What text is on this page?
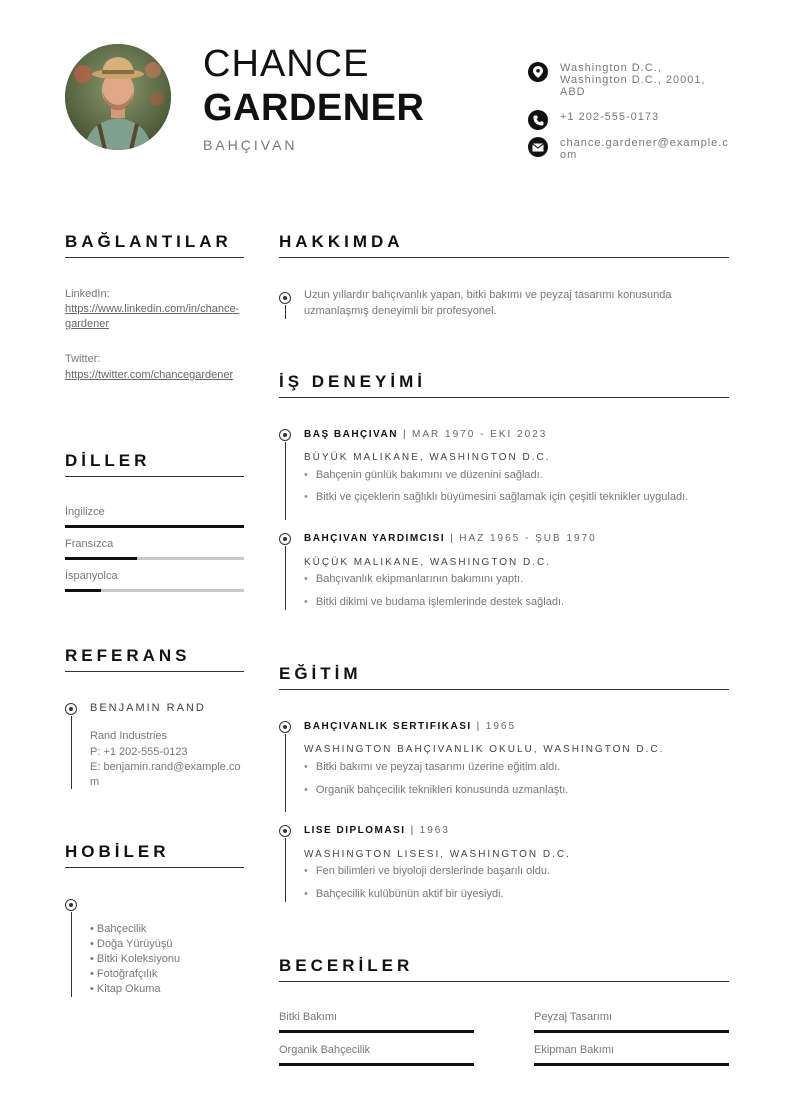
CHANCE
GARDENER
BAHÇIVAN
Washington D.C., Washington D.C., 20001, ABD
+1 202-555-0173
chance.gardener@example.com
BAĞLANTILAR
LinkedIn:
https://www.linkedin.com/in/chance-gardener
Twitter:
https://twitter.com/chancegardener
DİLLER
İngilizce
Fransızca
İspanyolca
REFERANS
BENJAMIN RAND
Rand Industries
P: +1 202-555-0123
E: benjamin.rand@example.com
HOBİLER
• Bahçecilik
• Doğa Yürüyüşü
• Bitki Koleksiyonu
• Fotoğrafçılık
• Kitap Okuma
HAKKIMDA
Uzun yıllardır bahçıvanlık yapan, bitki bakımı ve peyzaj tasarımı konusunda uzmanlaşmış deneyimli bir profesyonel.
İŞ DENEYİMİ
BAŞ BAHÇIVAN | MAR 1970 - EKI 2023
BÜYÜK MALIKANE, WASHINGTON D.C.
• Bahçenin günlük bakımını ve düzenini sağladı.
• Bitki ve çiçeklerin sağlıklı büyümesini sağlamak için çeşitli teknikler uyguladı.
BAHÇIVAN YARDIMCISI | HAZ 1965 - ŞUB 1970
KÜÇÜK MALIKANE, WASHINGTON D.C.
• Bahçıvanlık ekipmanlarının bakımını yaptı.
• Bitki dikimi ve budama işlemlerinde destek sağladı.
EĞİTİM
BAHÇIVANLIK SERTIFIKASI | 1965
WASHINGTON BAHÇIVANLIK OKULU, WASHINGTON D.C.
• Bitki bakımı ve peyzaj tasarımı üzerine eğitim aldı.
• Organik bahçecilik teknikleri konusunda uzmanlaştı.
LISE DIPLOMASI | 1963
WASHINGTON LISESI, WASHINGTON D.C.
• Fen bilimleri ve biyoloji derslerinde başarılı oldu.
• Bahçecilik kulübünün aktif bir üyesiydi.
BECERİLER
Bitki Bakımı	Peyzaj Tasarımı
Organik Bahçecilik	Ekipman Bakımı
